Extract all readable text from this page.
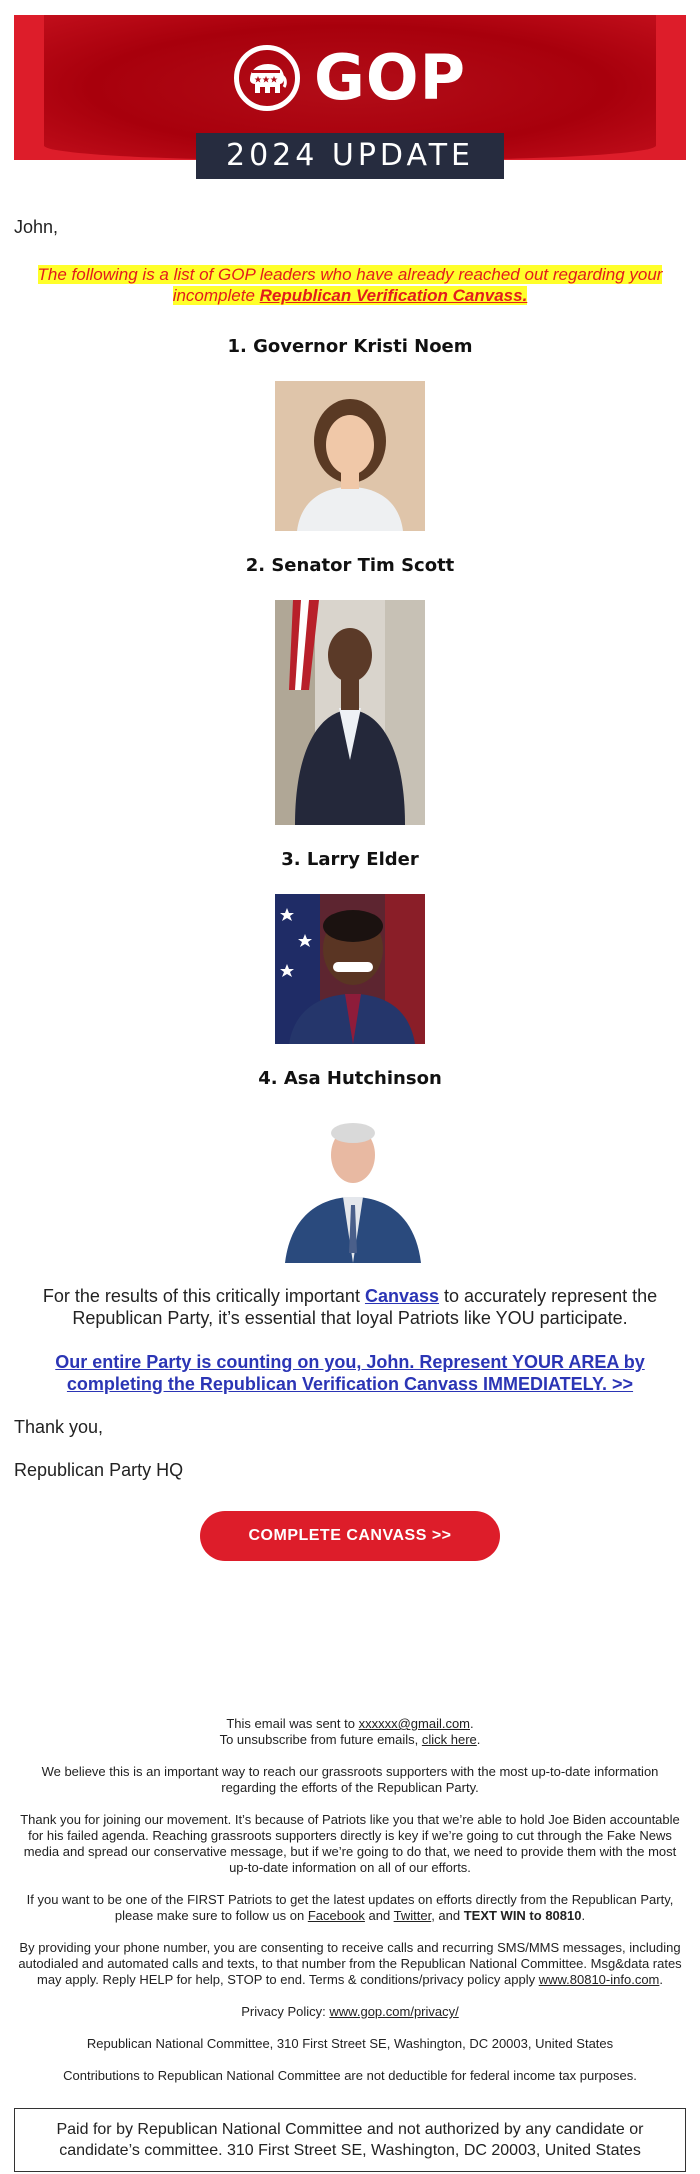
GOP
2024 UPDATE
John,
The following is a list of GOP leaders who have already reached out regarding your incomplete Republican Verification Canvass.
1. Governor Kristi Noem
2. Senator Tim Scott
3. Larry Elder
4. Asa Hutchinson
For the results of this critically important Canvass to accurately represent the Republican Party, it’s essential that loyal Patriots like YOU participate.
Our entire Party is counting on you, John. Represent YOUR AREA by completing the Republican Verification Canvass IMMEDIATELY. >>
Thank you,
Republican Party HQ
COMPLETE CANVASS >>

This email was sent to xxxxxx@gmail.com.

To unsubscribe from future emails, click here.

We believe this is an important way to reach our grassroots supporters with the most up-to-date information regarding the efforts of the Republican Party.

Thank you for joining our movement. It’s because of Patriots like you that we’re able to hold Joe Biden accountable for his failed agenda. Reaching grassroots supporters directly is key if we’re going to cut through the Fake News media and spread our conservative message, but if we’re going to do that, we need to provide them with the most up-to-date information on all of our efforts.

If you want to be one of the FIRST Patriots to get the latest updates on efforts directly from the Republican Party, please make sure to follow us on Facebook and Twitter, and TEXT WIN to 80810.

By providing your phone number, you are consenting to receive calls and recurring SMS/MMS messages, including autodialed and automated calls and texts, to that number from the Republican National Committee. Msg&data rates may apply. Reply HELP for help, STOP to end. Terms & conditions/privacy policy apply www.80810-info.com.

Privacy Policy: www.gop.com/privacy/

Republican National Committee, 310 First Street SE, Washington, DC 20003, United States

Contributions to Republican National Committee are not deductible for federal income tax purposes.

Paid for by Republican National Committee and not authorized by any candidate or candidate’s committee. 310 First Street SE, Washington, DC 20003, United States
